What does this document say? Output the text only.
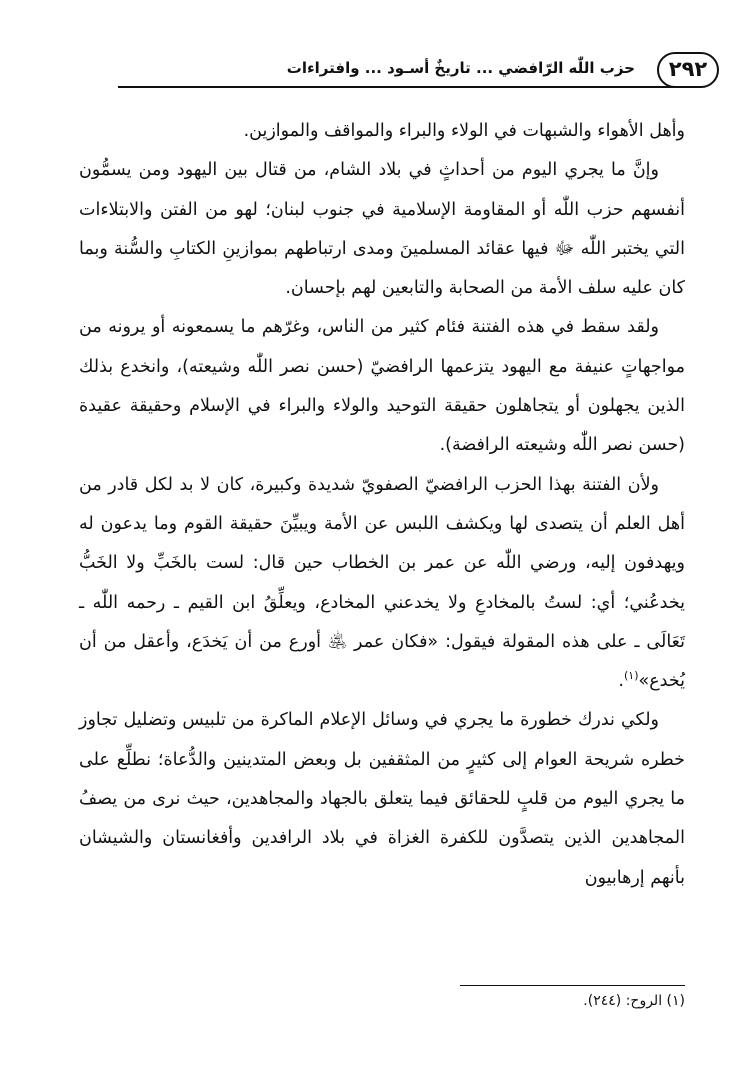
٢٩٢
حزب اللّٰه الرّافضي ... تاريخٌ أسـود ... وافتراءات

وأهل الأهواء والشبهات في الولاء والبراء والمواقف والموازين.

وإنَّ ما يجري اليوم من أحداثٍ في بلاد الشام، من قتال بين اليهود ومن يسمُّون أنفسهم حزب اللّٰه أو المقاومة الإسلامية في جنوب لبنان؛ لهو من الفتن والابتلاءات التي يختبر اللّٰه ﷻ فيها عقائد المسلمينَ ومدى ارتباطهم بموازينِ الكتابِ والسُّنة وبما كان عليه سلف الأمة من الصحابة والتابعين لهم بإحسان.

ولقد سقط في هذه الفتنة فئام كثير من الناس، وغرّهم ما يسمعونه أو يرونه من مواجهاتٍ عنيفة مع اليهود يتزعمها الرافضيّ (حسن نصر اللّٰه وشيعته)، وانخدع بذلك الذين يجهلون أو يتجاهلون حقيقة التوحيد والولاء والبراء في الإسلام وحقيقة عقيدة (حسن نصر اللّٰه وشيعته الرافضة).

ولأن الفتنة بهذا الحزب الرافضيّ الصفويّ شديدة وكبيرة، كان لا بد لكل قادر من أهل العلم أن يتصدى لها ويكشف اللبس عن الأمة ويبيِّنَ حقيقة القوم وما يدعون له ويهدفون إليه، ورضي اللّٰه عن عمر بن الخطاب حين قال: لست بالخَبِّ ولا الخَبُّ يخدعُني؛ أي: لستُ بالمخادعِ ولا يخدعني المخادع، ويعلِّقُ ابن القيم ـ رحمه اللّٰه ـ تَعَالَى ـ على هذه المقولة فيقول: «فكان عمر ﵁ أورع من أن يَخدَع، وأعقل من أن يُخدع»$^{(١)}$.

ولكي ندرك خطورة ما يجري في وسائل الإعلام الماكرة من تلبيس وتضليل تجاوز خطره شريحة العوام إلى كثيرٍ من المثقفين بل وبعض المتدينين والدُّعاة؛ نطلِّع على ما يجري اليوم من قلبٍ للحقائق فيما يتعلق بالجهاد والمجاهدين، حيث نرى من يصفُ المجاهدين الذين يتصدَّون للكفرة الغزاة في بلاد الرافدين وأفغانستان والشيشان بأنهم إرهابيون

(١) الروح: (٢٤٤).
